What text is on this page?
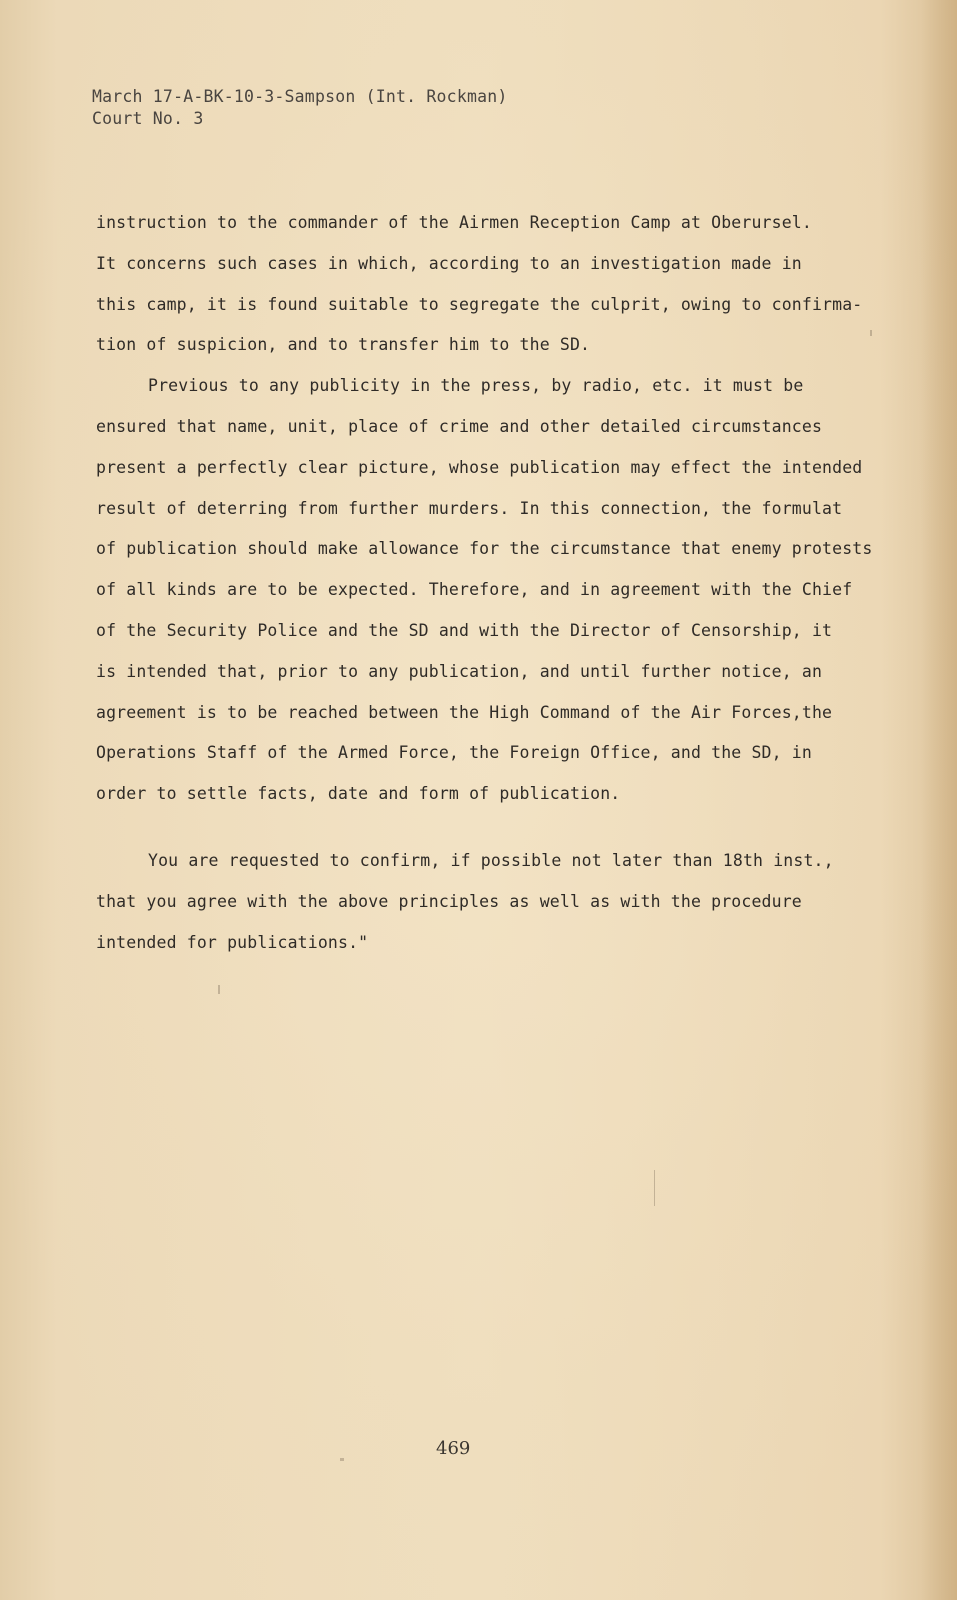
March 17-A-BK-10-3-Sampson (Int. Rockman)
Court No. 3
instruction to the commander of the Airmen Reception Camp at Oberursel.
It concerns such cases in which, according to an investigation made in
this camp, it is found suitable to segregate the culprit, owing to confirma-
tion of suspicion, and to transfer him to the SD.
Previous to any publicity in the press, by radio, etc. it must be
ensured that name, unit, place of crime and other detailed circumstances
present a perfectly clear picture, whose publication may effect the intended
result of deterring from further murders. In this connection, the formulat
of publication should make allowance for the circumstance that enemy protests
of all kinds are to be expected. Therefore, and in agreement with the Chief
of the Security Police and the SD and with the Director of Censorship, it
is intended that, prior to any publication, and until further notice, an
agreement is to be reached between the High Command of the Air Forces,the
Operations Staff of the Armed Force, the Foreign Office, and the SD, in
order to settle facts, date and form of publication.
You are requested to confirm, if possible not later than 18th inst.,
that you agree with the above principles as well as with the procedure
intended for publications."
469
